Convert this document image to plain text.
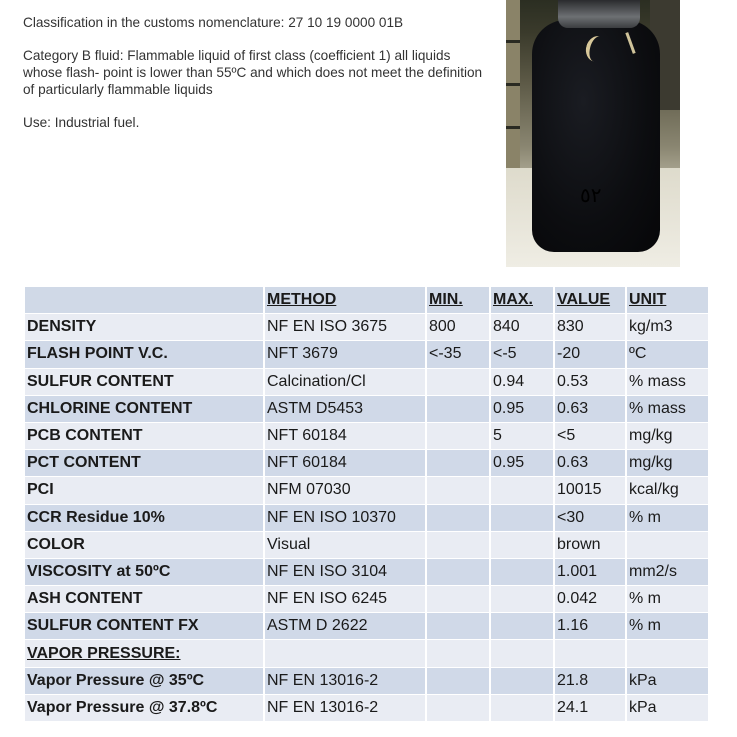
Classification in the customs nomenclature: 27 10 19 0000 01B

Category B fluid: Flammable liquid of first class (coefficient 1) all liquids whose flash- point is lower than 55ºC and which does not meet the definition of particularly flammable liquids

Use: Industrial fuel.

٥٢
	METHOD	MIN.	MAX.	VALUE	UNIT
DENSITY	NF EN ISO 3675	800	840	830	kg/m3
FLASH POINT V.C.	NFT 3679	<-35	<-5	-20	ºC
SULFUR CONTENT	Calcination/Cl		0.94	0.53	% mass
CHLORINE CONTENT	ASTM D5453		0.95	0.63	% mass
PCB CONTENT	NFT 60184		5	<5	mg/kg
PCT CONTENT	NFT 60184		0.95	0.63	mg/kg
PCI	NFM 07030			10015	kcal/kg
CCR Residue 10%	NF EN ISO 10370			<30	% m
COLOR	Visual			brown	
VISCOSITY at 50ºC	NF EN ISO 3104			1.001	mm2/s
ASH CONTENT	NF EN ISO 6245			0.042	% m
SULFUR CONTENT FX	ASTM D 2622			1.16	% m
VAPOR PRESSURE:					
Vapor Pressure @ 35ºC	NF EN 13016-2			21.8	kPa
Vapor Pressure @ 37.8ºC	NF EN 13016-2			24.1	kPa
